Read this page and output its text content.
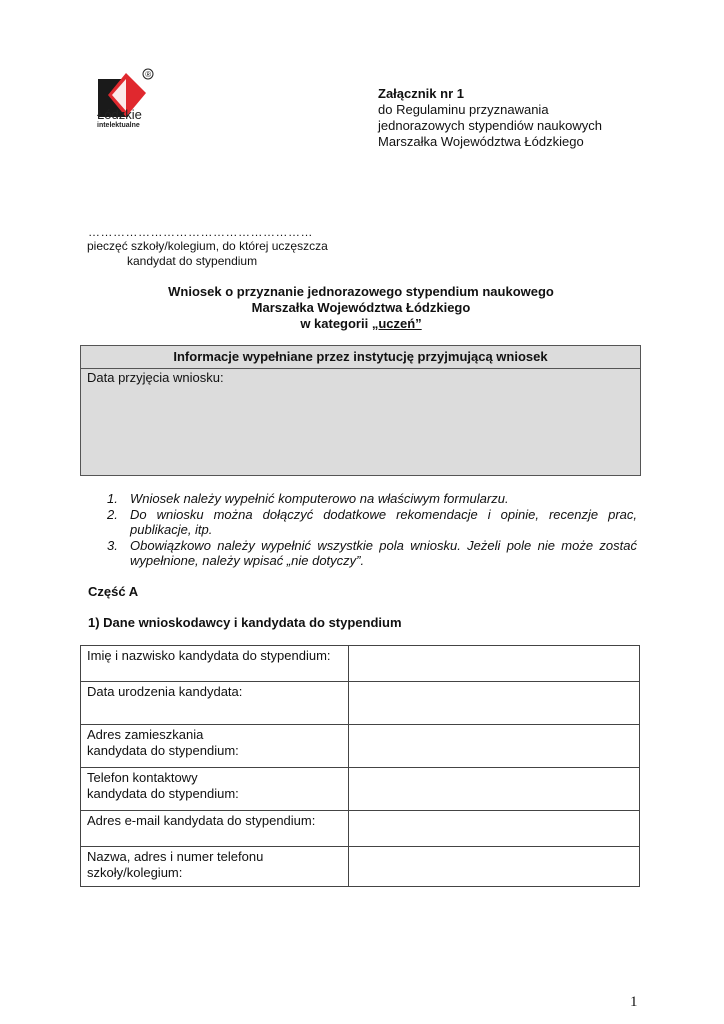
®
Łódzkie
intelektualne
Załącznik nr 1
do Regulaminu przyznawania
jednorazowych stypendiów naukowych
Marszałka Województwa Łódzkiego
………………………………………………
pieczęć szkoły/kolegium, do której uczęszcza
kandydat do stypendium
Wniosek o przyznanie jednorazowego stypendium naukowego
Marszałka Województwa Łódzkiego
w kategorii „uczeń”
Informacje wypełniane przez instytucję przyjmującą wniosek
Data przyjęcia wniosku:
1. Wniosek należy wypełnić komputerowo na właściwym formularzu.
2. Do wniosku można dołączyć dodatkowe rekomendacje i opinie, recenzje prac, publikacje, itp.
3. Obowiązkowo należy wypełnić wszystkie pola wniosku. Jeżeli pole nie może zostać wypełnione, należy wpisać „nie dotyczy”.
Część A
1) Dane wnioskodawcy i kandydata do stypendium
Imię i nazwisko kandydata do stypendium:	
Data urodzenia kandydata:	
Adres zamieszkania
kandydata do stypendium:	
Telefon kontaktowy
kandydata do stypendium:	
Adres e-mail kandydata do stypendium:	
Nazwa, adres i numer telefonu
szkoły/kolegium:	
1
